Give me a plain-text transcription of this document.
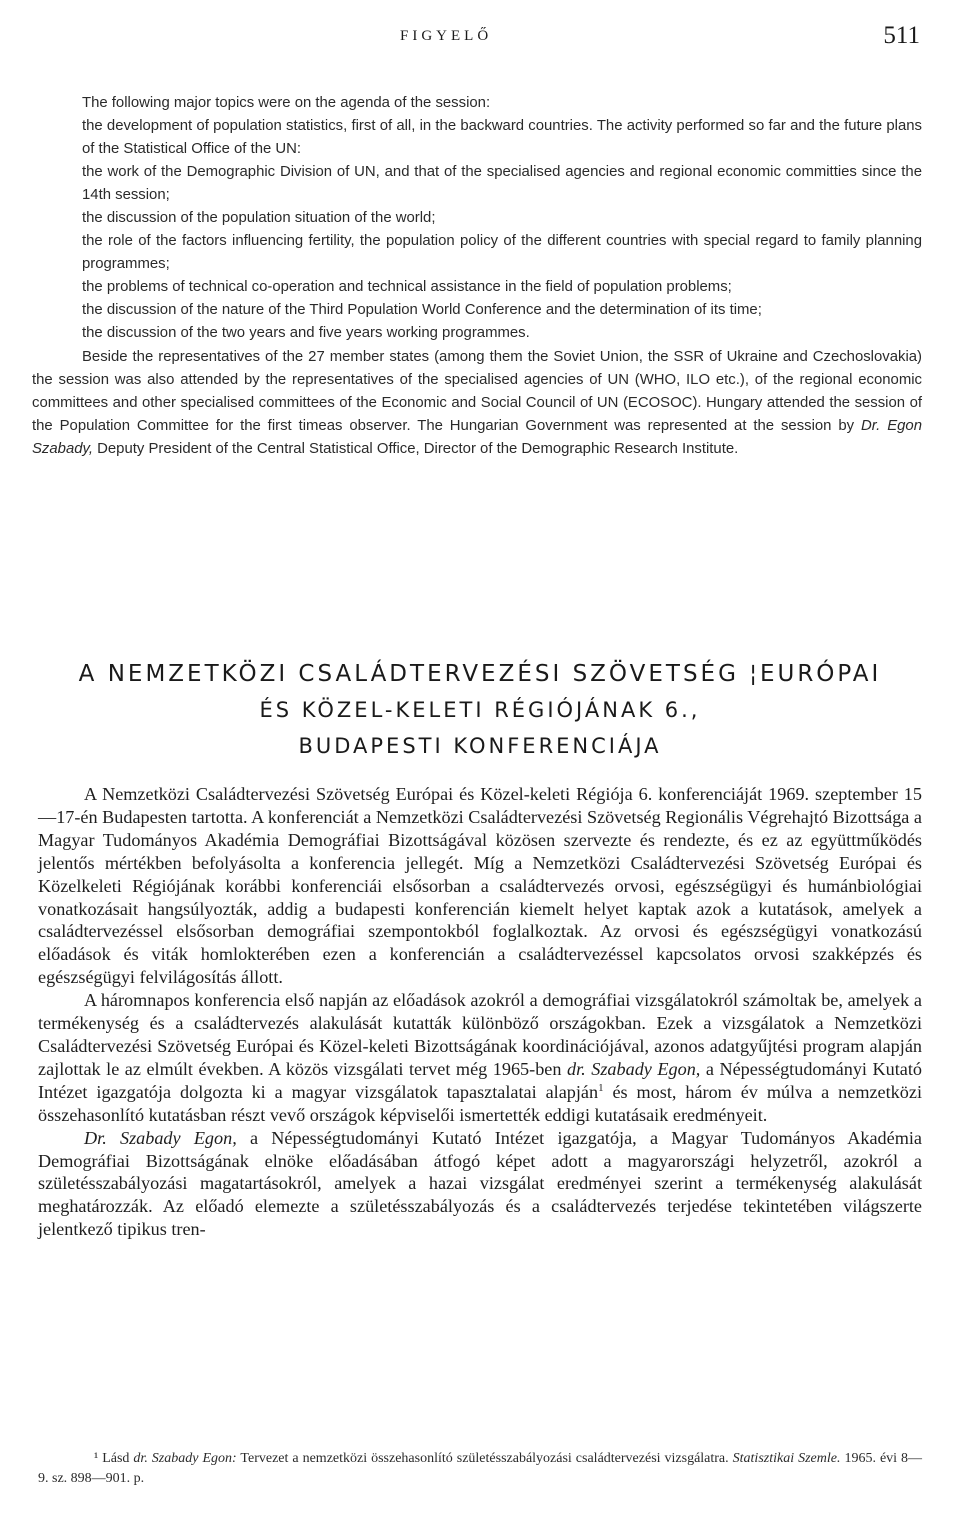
FIGYELŐ	511

The following major topics were on the agenda of the session:

the development of population statistics, first of all, in the backward countries. The activity performed so far and the future plans of the Statistical Office of the UN:

the work of the Demographic Division of UN, and that of the specialised agencies and regional economic committies since the 14th session;

the discussion of the population situation of the world;

the role of the factors influencing fertility, the population policy of the different countries with special regard to family planning programmes;

the problems of technical co-operation and technical assistance in the field of population problems;

the discussion of the nature of the Third Population World Conference and the determination of its time;

the discussion of the two years and five years working programmes.

Beside the representatives of the 27 member states (among them the Soviet Union, the SSR of Ukraine and Czechoslovakia) the session was also attended by the representatives of the specialised agencies of UN (WHO, ILO etc.), of the regional economic committees and other specialised committees of the Economic and Social Council of UN (ECOSOC). Hungary attended the session of the Population Committee for the first timeas observer. The Hungarian Government was represented at the session by Dr. Egon Szabady, Deputy President of the Central Statistical Office, Director of the Demographic Research Institute.

A NEMZETKÖZI CSALÁDTERVEZÉSI SZÖVETSÉG ¦EURÓPAI
ÉS KÖZEL-KELETI RÉGIÓJÁNAK 6.,
BUDAPESTI KONFERENCIÁJA

A Nemzetközi Családtervezési Szövetség Európai és Közel-keleti Régiója 6. konferenciáját 1969. szeptember 15—17-én Budapesten tartotta. A konferenciát a Nemzetközi Családtervezési Szövetség Regionális Végrehajtó Bizottsága a Magyar Tudományos Akadémia Demográfiai Bizottságával közösen szervezte és rendezte, és ez az együttműködés jelentős mértékben befolyásolta a konferencia jellegét. Míg a Nemzetközi Családtervezési Szövetség Európai és Közelkeleti Régiójának korábbi konferenciái elsősorban a családtervezés orvosi, egészségügyi és humánbiológiai vonatkozásait hangsúlyozták, addig a budapesti konferencián kiemelt helyet kaptak azok a kutatások, amelyek a családtervezéssel elsősorban demográfiai szempontokból foglalkoztak. Az orvosi és egészségügyi vonatkozású előadások és viták homlokterében ezen a konferencián a családtervezéssel kapcsolatos orvosi szakképzés és egészségügyi felvilágosítás állott.

A háromnapos konferencia első napján az előadások azokról a demográfiai vizsgálatokról számoltak be, amelyek a termékenység és a családtervezés alakulását kutatták különböző országokban. Ezek a vizsgálatok a Nemzetközi Családtervezési Szövetség Európai és Közel-keleti Bizottságának koordinációjával, azonos adatgyűjtési program alapján zajlottak le az elmúlt években. A közös vizsgálati tervet még 1965-ben dr. Szabady Egon, a Népességtudományi Kutató Intézet igazgatója dolgozta ki a magyar vizsgálatok tapasztalatai alapján$^1$ és most, három év múlva a nemzetközi összehasonlító kutatásban részt vevő országok képviselői ismertették eddigi kutatásaik eredményeit.

Dr. Szabady Egon, a Népességtudományi Kutató Intézet igazgatója, a Magyar Tudományos Akadémia Demográfiai Bizottságának elnöke előadásában átfogó képet adott a magyarországi helyzetről, azokról a születésszabályozási magatartásokról, amelyek a hazai vizsgálat eredményei szerint a termékenység alakulását meghatározzák. Az előadó elemezte a születésszabályozás és a családtervezés terjedése tekintetében világszerte jelentkező tipikus tren-

¹ Lásd dr. Szabady Egon: Tervezet a nemzetközi összehasonlító születésszabályozási családtervezési vizsgálatra. Statisztikai Szemle. 1965. évi 8—9. sz. 898—901. p.
